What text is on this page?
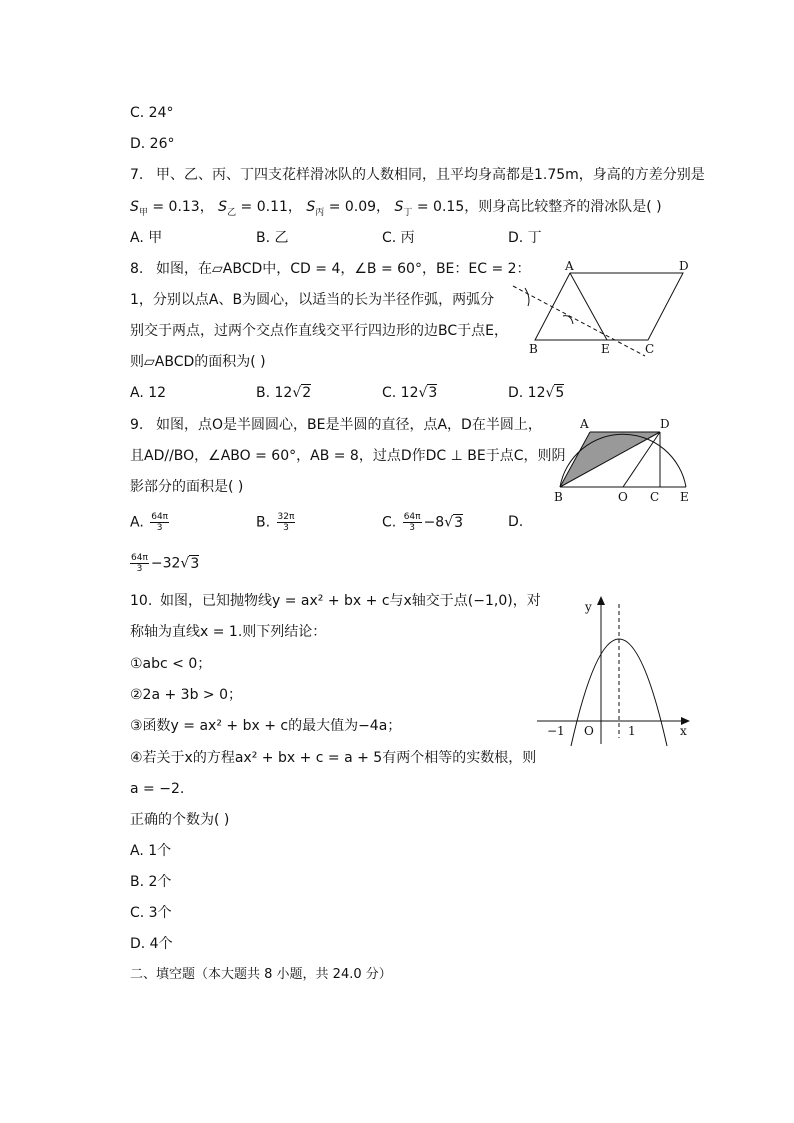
C. 24°
D. 26°
7. 甲、乙、丙、丁四支花样滑冰队的人数相同，且平均身高都是1.75m，身高的方差分别是
$S_甲 = 0.13$， $S_乙 = 0.11$， $S_丙 = 0.09$， $S_丁 = 0.15$，则身高比较整齐的滑冰队是( )
A. 甲	B. 乙	C. 丙	D. 丁
8. 如图，在▱ABCD中，CD = 4，∠B = 60°，BE：EC = 2：
1，分别以点A、B为圆心，以适当的长为半径作弧，两弧分
别交于两点，过两个交点作直线交平行四边形的边BC于点E，
则▱ABCD的面积为( )
A. 12	B. 12√2	C. 12√3	D. 12√5
A	D
B	E	C
9. 如图，点O是半圆圆心，BE是半圆的直径，点A，D在半圆上，
且AD//BO，∠ABO = 60°，AB = 8，过点D作DC ⊥ BE于点C，则阴
影部分的面积是( )
A. $\frac{64\pi}{3}$	B. $\frac{32\pi}{3}$	C. $\frac{64\pi}{3} -8√3$	D.
$\frac{64\pi}{3} -32√3$
A	D
B	O C E
10. 如图，已知抛物线y = ax² + bx + c与x轴交于点(−1,0)，对
称轴为直线x = 1.则下列结论：
①abc < 0；
②2a + 3b > 0；
③函数y = ax² + bx + c的最大值为−4a；
④若关于x的方程ax² + bx + c = a + 5有两个相等的实数根，则
a = −2.
正确的个数为( )
A. 1个
B. 2个
C. 3个
D. 4个
y
x
O
−1	1
二、填空题（本大题共 8 小题，共 24.0 分）
